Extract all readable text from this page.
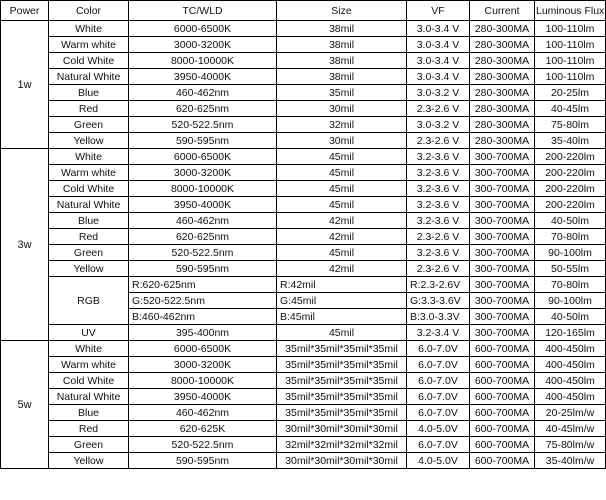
Power	Color	TC/WLD	Size	VF	Current	Luminous Flux
1w	White	6000-6500K	38mil	3.0-3.4 V	280-300MA	100-110lm
	Warm white	3000-3200K	38mil	3.0-3.4 V	280-300MA	100-110lm
	Cold White	8000-10000K	38mil	3.0-3.4 V	280-300MA	100-110lm
	Natural White	3950-4000K	38mil	3.0-3.4 V	280-300MA	100-110lm
	Blue	460-462nm	35mil	3.0-3.2 V	280-300MA	20-25lm
	Red	620-625nm	30mil	2.3-2.6 V	280-300MA	40-45lm
	Green	520-522.5nm	32mil	3.0-3.2 V	280-300MA	75-80lm
	Yellow	590-595nm	30mil	2.3-2.6 V	280-300MA	35-40lm
3w	White	6000-6500K	45mil	3.2-3.6 V	300-700MA	200-220lm
	Warm white	3000-3200K	45mil	3.2-3.6 V	300-700MA	200-220lm
	Cold White	8000-10000K	45mil	3.2-3.6 V	300-700MA	200-220lm
	Natural White	3950-4000K	45mil	3.2-3.6 V	300-700MA	200-220lm
	Blue	460-462nm	42mil	3.2-3.6 V	300-700MA	40-50lm
	Red	620-625nm	42mil	2.3-2.6 V	300-700MA	70-80lm
	Green	520-522.5nm	45mil	3.2-3.6 V	300-700MA	90-100lm
	Yellow	590-595nm	42mil	2.3-2.6 V	300-700MA	50-55lm
	RGB	R:620-625nm	R:42mil	R:2.3-2.6V	300-700MA	70-80lm
		G:520-522.5nm	G:45mil	G:3.3-3.6V	300-700MA	90-100lm
		B:460-462nm	B:45mil	B:3.0-3.3V	300-700MA	40-50lm
	UV	395-400nm	45mil	3.2-3.4 V	300-700MA	120-165lm
5w	White	6000-6500K	35mil*35mil*35mil*35mil	6.0-7.0V	600-700MA	400-450lm
	Warm white	3000-3200K	35mil*35mil*35mil*35mil	6.0-7.0V	600-700MA	400-450lm
	Cold White	8000-10000K	35mil*35mil*35mil*35mil	6.0-7.0V	600-700MA	400-450lm
	Natural White	3950-4000K	35mil*35mil*35mil*35mil	6.0-7.0V	600-700MA	400-450lm
	Blue	460-462nm	35mil*35mil*35mil*35mil	6.0-7.0V	600-700MA	20-25lm/w
	Red	620-625K	30mil*30mil*30mil*30mil	4.0-5.0V	600-700MA	40-45lm/w
	Green	520-522.5nm	32mil*32mil*32mil*32mil	6.0-7.0V	600-700MA	75-80lm/w
	Yellow	590-595nm	30mil*30mil*30mil*30mil	4.0-5.0V	600-700MA	35-40lm/w
